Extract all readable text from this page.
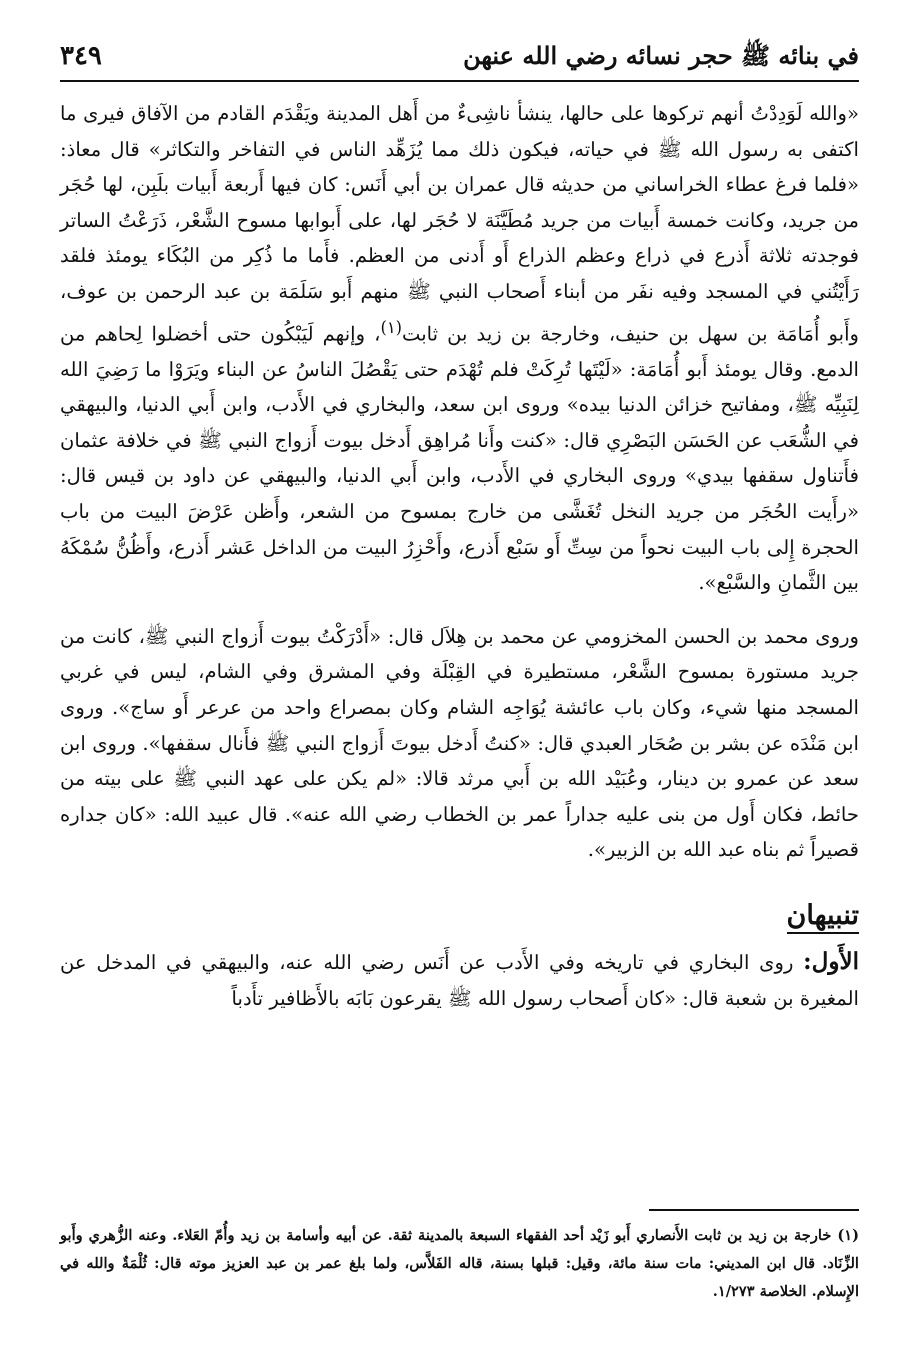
في بنائه ﷺ حجر نسائه رضي الله عنهن
٣٤٩

«والله لَوَدِدْتُ أنهم تركوها على حالها، ينشأ ناشِىءٌ من أَهل المدينة ويَقْدَم القادم من الآفاق فيرى ما اكتفى به رسول الله ﷺ في حياته، فيكون ذلك مما يُزَهِّد الناس في التفاخر والتكاثر» قال معاذ: «فلما فرغ عطاء الخراساني من حديثه قال عمران بن أبي أَنَس: كان فيها أَربعة أَبيات بلَبِن، لها حُجَر من جريد، وكانت خمسة أَبيات من جريد مُطَيَّنَة لا حُجَر لها، على أَبوابها مسوح الشَّعْر، ذَرَعْتُ الساتر فوجدته ثلاثة أَذرع في ذراع وعظم الذراع أَو أَدنى من العظم. فأَما ما ذُكِر من البُكَاء يومئذ فلقد رَأَيْتُني في المسجد وفيه نفَر من أبناء أَصحاب النبي ﷺ منهم أَبو سَلَمَة بن عبد الرحمن بن عوف، وأَبو أُمَامَة بن سهل بن حنيف، وخارجة بن زيد بن ثابت$^{(١)}$، وإنهم لَيَبْكُون حتى أخضلوا لِحاهم من الدمع. وقال يومئذ أَبو أُمَامَة: «لَيْتَها تُرِكَتْ فلم تُهْدَم حتى يَقْصُلَ الناسُ عن البناء ويَرَوْا ما رَضِيَ الله لِنَبِيِّه ﷺ، ومفاتيح خزائن الدنيا بيده» وروى ابن سعد، والبخاري في الأَدب، وابن أَبي الدنيا، والبيهقي في الشُّعَب عن الحَسَن البَصْرِي قال: «كنت وأَنا مُراهِق أَدخل بيوت أَزواج النبي ﷺ في خلافة عثمان فأَتناول سقفها بيدي» وروى البخاري في الأَدب، وابن أَبي الدنيا، والبيهقي عن داود بن قيس قال: «رأَيت الحُجَر من جريد النخل تُغَشَّى من خارج بمسوح من الشعر، وأَظن عَرْضَ البيت من باب الحجرة إِلى باب البيت نحواً من سِتِّ أَو سَبْع أَذرع، وأَحْزِرُ البيت من الداخل عَشر أَذرع، وأَظُنُّ سُمْكَهُ بين الثَّمانِ والسَّبْع».

وروى محمد بن الحسن المخزومي عن محمد بن هِلاَل قال: «أَدْرَكْتُ بيوت أَزواج النبي ﷺ، كانت من جريد مستورة بمسوح الشَّعْر، مستطيرة في القِبْلَة وفي المشرق وفي الشام، ليس في غربي المسجد منها شيء، وكان باب عائشة يُوَاجِه الشام وكان بمصراع واحد من عرعر أَو ساج». وروى ابن مَنْدَه عن بشر بن صُحَار العبدي قال: «كنتُ أَدخل بيوتَ أَزواج النبي ﷺ فأَنال سقفها». وروى ابن سعد عن عمرو بن دينار، وعُبَيْد الله بن أَبي مرثد قالا: «لم يكن على عهد النبي ﷺ على بيته من حائط، فكان أَول من بنى عليه جداراً عمر بن الخطاب رضي الله عنه». قال عبيد الله: «كان جداره قصيراً ثم بناه عبد الله بن الزبير».

تنبيهان

الأَول: روى البخاري في تاريخه وفي الأَدب عن أَنَس رضي الله عنه، والبيهقي في المدخل عن المغيرة بن شعبة قال: «كان أَصحاب رسول الله ﷺ يقرعون بَابَه بالأَظافير تأَدباً

(١) خارجة بن زيد بن ثابت الأَنصاري أَبو زَيْد أحد الفقهاء السبعة بالمدينة ثقة. عن أبيه وأسامة بن زيد وأُمّ العَلاء. وعنه الزُّهري وأَبو الزِّنَاد. قال ابن المديني: مات سنة مائة، وقيل: قبلها بسنة، قاله الفَلاَّس، ولما بلغ عمر بن عبد العزيز موته قال: ثُلْمَةٌ والله في الإِسلام. الخلاصة ١/٢٧٣.
